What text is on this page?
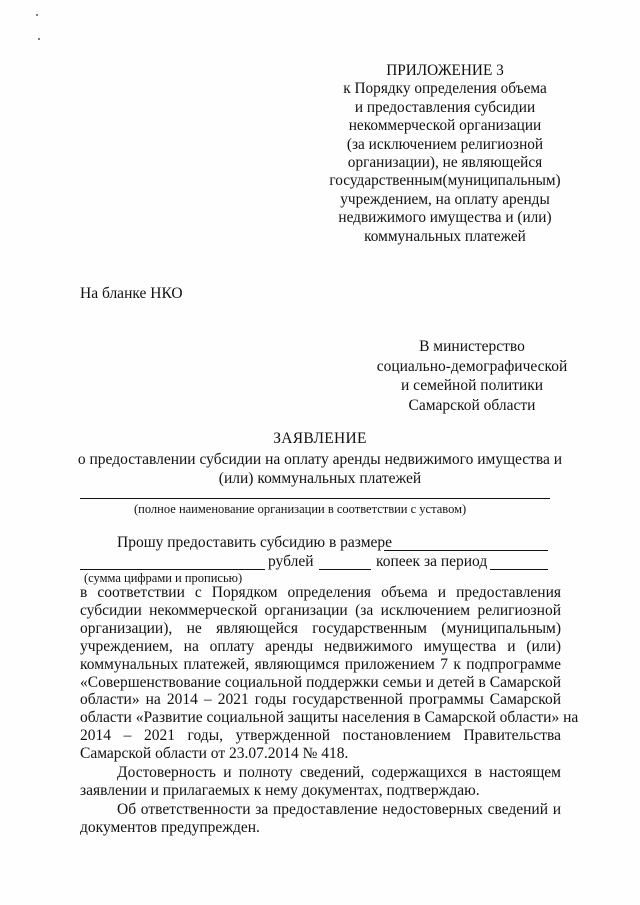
ПРИЛОЖЕНИЕ 3
к Порядку определения объема
и предоставления субсидии
некоммерческой организации
(за исключением религиозной
организации), не являющейся
государственным(муниципальным)
учреждением, на оплату аренды
недвижимого имущества и (или)
коммунальных платежей
На бланке НКО
В министерство
социально-демографической
и семейной политики
Самарской области
ЗАЯВЛЕНИЕ
о предоставлении субсидии на оплату аренды недвижимого имущества и
(или) коммунальных платежей
(полное наименование организации в соответствии с уставом)
Прошу предоставить субсидию в размере
рублей	копеек за период
(сумма цифрами и прописью)

в соответствии с Порядком определения объема и предоставления
субсидии некоммерческой организации (за исключением религиозной
организации), не являющейся государственным (муниципальным)
учреждением, на оплату аренды недвижимого имущества и (или)
коммунальных платежей, являющимся приложением 7 к подпрограмме
«Совершенствование социальной поддержки семьи и детей в Самарской
области» на 2014 – 2021 годы государственной программы Самарской
области «Развитие социальной защиты населения в Самарской области» на
2014 – 2021 годы, утвержденной постановлением Правительства
Самарской области от 23.07.2014 № 418.

Достоверность и полноту сведений, содержащихся в настоящем
заявлении и прилагаемых к нему документах, подтверждаю.

Об ответственности за предоставление недостоверных сведений и
документов предупрежден.
